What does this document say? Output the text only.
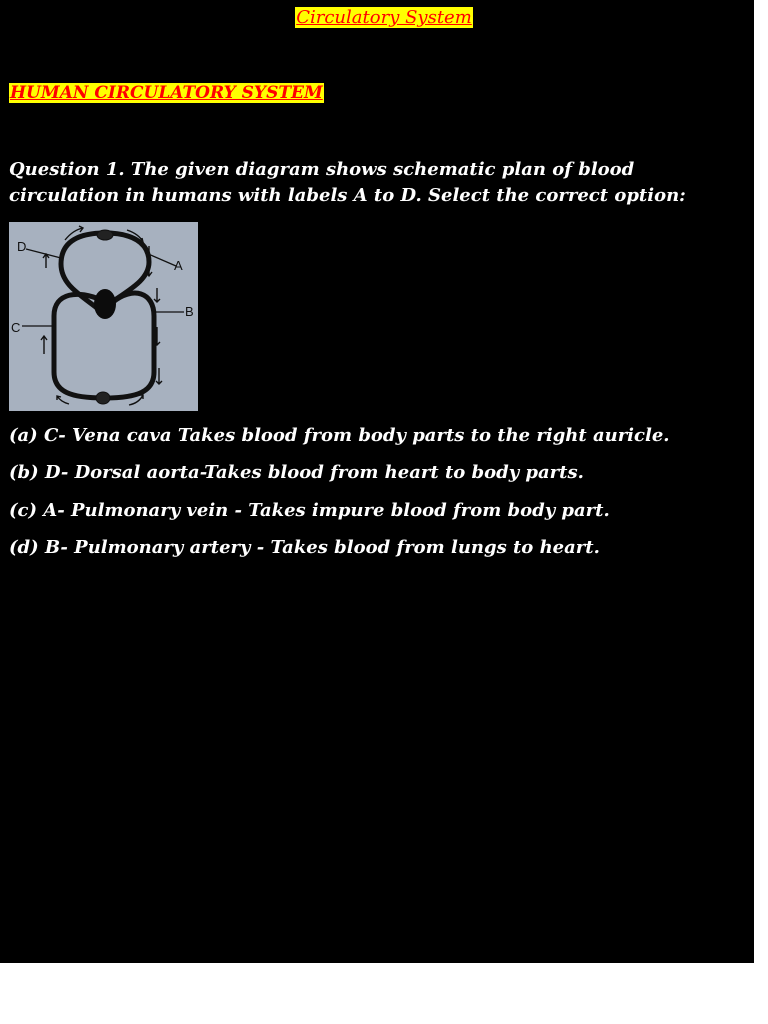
Circulatory System
HUMAN CIRCULATORY SYSTEM
Question 1. The given diagram shows schematic plan of blood circulation in humans with labels A to D. Select the correct option:
D
A
B
C
(a) C- Vena cava Takes blood from body parts to the right auricle.
(b) D- Dorsal aorta-Takes blood from heart to body parts.
(c) A- Pulmonary vein - Takes impure blood from body part.
(d) B- Pulmonary artery - Takes blood from lungs to heart.
